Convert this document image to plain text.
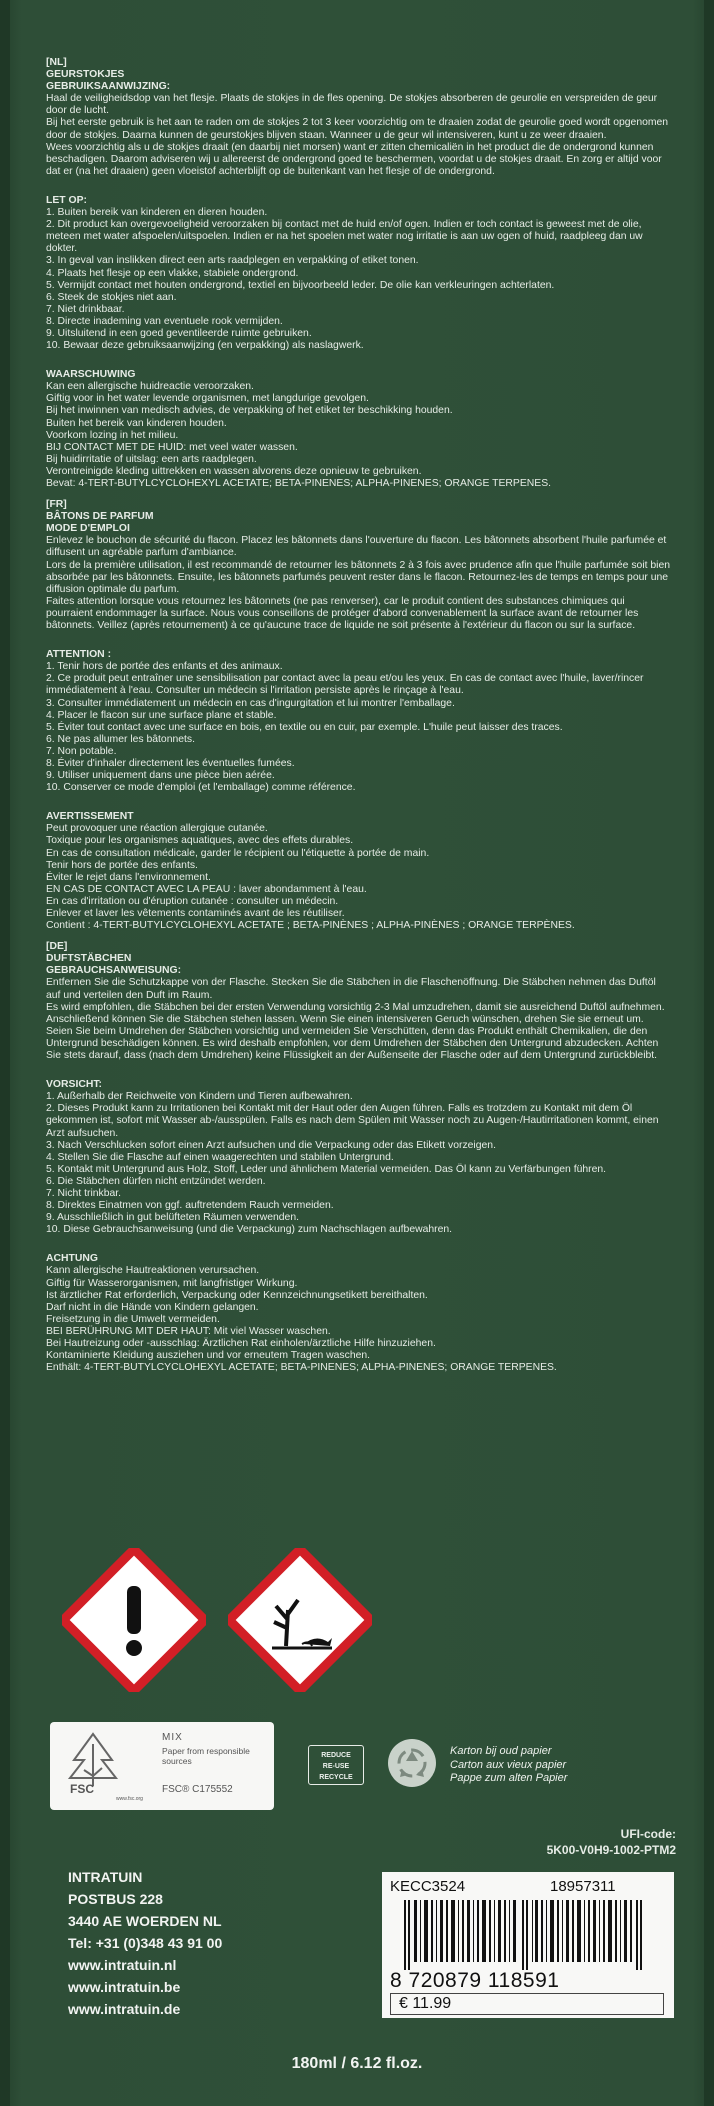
[NL]

GEURSTOKJES

GEBRUIKSAANWIJZING:

Haal de veiligheidsdop van het flesje. Plaats de stokjes in de fles opening. De stokjes absorberen de geurolie en verspreiden de geur door de lucht.

Bij het eerste gebruik is het aan te raden om de stokjes 2 tot 3 keer voorzichtig om te draaien zodat de geurolie goed wordt opgenomen door de stokjes. Daarna kunnen de geurstokjes blijven staan. Wanneer u de geur wil intensiveren, kunt u ze weer draaien.

Wees voorzichtig als u de stokjes draait (en daarbij niet morsen) want er zitten chemicaliën in het product die de ondergrond kunnen beschadigen. Daarom adviseren wij u allereerst de ondergrond goed te beschermen, voordat u de stokjes draait. En zorg er altijd voor dat er (na het draaien) geen vloeistof achterblijft op de buitenkant van het flesje of de ondergrond.

LET OP:

1. Buiten bereik van kinderen en dieren houden.

2. Dit product kan overgevoeligheid veroorzaken bij contact met de huid en/of ogen. Indien er toch contact is geweest met de olie, meteen met water afspoelen/uitspoelen. Indien er na het spoelen met water nog irritatie is aan uw ogen of huid, raadpleeg dan uw dokter.

3. In geval van inslikken direct een arts raadplegen en verpakking of etiket tonen.

4. Plaats het flesje op een vlakke, stabiele ondergrond.

5. Vermijdt contact met houten ondergrond, textiel en bijvoorbeeld leder. De olie kan verkleuringen achterlaten.

6. Steek de stokjes niet aan.

7. Niet drinkbaar.

8. Directe inademing van eventuele rook vermijden.

9. Uitsluitend in een goed geventileerde ruimte gebruiken.

10. Bewaar deze gebruiksaanwijzing (en verpakking) als naslagwerk.

WAARSCHUWING

Kan een allergische huidreactie veroorzaken.

Giftig voor in het water levende organismen, met langdurige gevolgen.

Bij het inwinnen van medisch advies, de verpakking of het etiket ter beschikking houden.

Buiten het bereik van kinderen houden.

Voorkom lozing in het milieu.

BIJ CONTACT MET DE HUID: met veel water wassen.

Bij huidirritatie of uitslag: een arts raadplegen.

Verontreinigde kleding uittrekken en wassen alvorens deze opnieuw te gebruiken.

Bevat: 4-TERT-BUTYLCYCLOHEXYL ACETATE; BETA-PINENES; ALPHA-PINENES; ORANGE TERPENES.

[FR]

BÂTONS DE PARFUM

MODE D'EMPLOI

Enlevez le bouchon de sécurité du flacon. Placez les bâtonnets dans l'ouverture du flacon. Les bâtonnets absorbent l'huile parfumée et diffusent un agréable parfum d'ambiance.

Lors de la première utilisation, il est recommandé de retourner les bâtonnets 2 à 3 fois avec prudence afin que l'huile parfumée soit bien absorbée par les bâtonnets. Ensuite, les bâtonnets parfumés peuvent rester dans le flacon. Retournez-les de temps en temps pour une diffusion optimale du parfum.

Faites attention lorsque vous retournez les bâtonnets (ne pas renverser), car le produit contient des substances chimiques qui pourraient endommager la surface. Nous vous conseillons de protéger d'abord convenablement la surface avant de retourner les bâtonnets. Veillez (après retournement) à ce qu'aucune trace de liquide ne soit présente à l'extérieur du flacon ou sur la surface.

ATTENTION :

1. Tenir hors de portée des enfants et des animaux.

2. Ce produit peut entraîner une sensibilisation par contact avec la peau et/ou les yeux. En cas de contact avec l'huile, laver/rincer immédiatement à l'eau. Consulter un médecin si l'irritation persiste après le rinçage à l'eau.

3. Consulter immédiatement un médecin en cas d'ingurgitation et lui montrer l'emballage.

4. Placer le flacon sur une surface plane et stable.

5. Éviter tout contact avec une surface en bois, en textile ou en cuir, par exemple. L'huile peut laisser des traces.

6. Ne pas allumer les bâtonnets.

7. Non potable.

8. Éviter d'inhaler directement les éventuelles fumées.

9. Utiliser uniquement dans une pièce bien aérée.

10. Conserver ce mode d'emploi (et l'emballage) comme référence.

AVERTISSEMENT

Peut provoquer une réaction allergique cutanée.

Toxique pour les organismes aquatiques, avec des effets durables.

En cas de consultation médicale, garder le récipient ou l'étiquette à portée de main.

Tenir hors de portée des enfants.

Éviter le rejet dans l'environnement.

EN CAS DE CONTACT AVEC LA PEAU : laver abondamment à l'eau.

En cas d'irritation ou d'éruption cutanée : consulter un médecin.

Enlever et laver les vêtements contaminés avant de les réutiliser.

Contient : 4-TERT-BUTYLCYCLOHEXYL ACETATE ; BETA-PINÈNES ; ALPHA-PINÈNES ; ORANGE TERPÈNES.

[DE]

DUFTSTÄBCHEN

GEBRAUCHSANWEISUNG:

Entfernen Sie die Schutzkappe von der Flasche. Stecken Sie die Stäbchen in die Flaschenöffnung. Die Stäbchen nehmen das Duftöl auf und verteilen den Duft im Raum.

Es wird empfohlen, die Stäbchen bei der ersten Verwendung vorsichtig 2-3 Mal umzudrehen, damit sie ausreichend Duftöl aufnehmen. Anschließend können Sie die Stäbchen stehen lassen. Wenn Sie einen intensiveren Geruch wünschen, drehen Sie sie erneut um.

Seien Sie beim Umdrehen der Stäbchen vorsichtig und vermeiden Sie Verschütten, denn das Produkt enthält Chemikalien, die den Untergrund beschädigen können. Es wird deshalb empfohlen, vor dem Umdrehen der Stäbchen den Untergrund abzudecken. Achten Sie stets darauf, dass (nach dem Umdrehen) keine Flüssigkeit an der Außenseite der Flasche oder auf dem Untergrund zurückbleibt.

VORSICHT:

1. Außerhalb der Reichweite von Kindern und Tieren aufbewahren.

2. Dieses Produkt kann zu Irritationen bei Kontakt mit der Haut oder den Augen führen. Falls es trotzdem zu Kontakt mit dem Öl gekommen ist, sofort mit Wasser ab-/ausspülen. Falls es nach dem Spülen mit Wasser noch zu Augen-/Hautirritationen kommt, einen Arzt aufsuchen.

3. Nach Verschlucken sofort einen Arzt aufsuchen und die Verpackung oder das Etikett vorzeigen.

4. Stellen Sie die Flasche auf einen waagerechten und stabilen Untergrund.

5. Kontakt mit Untergrund aus Holz, Stoff, Leder und ähnlichem Material vermeiden. Das Öl kann zu Verfärbungen führen.

6. Die Stäbchen dürfen nicht entzündet werden.

7. Nicht trinkbar.

8. Direktes Einatmen von ggf. auftretendem Rauch vermeiden.

9. Ausschließlich in gut belüfteten Räumen verwenden.

10. Diese Gebrauchsanweisung (und die Verpackung) zum Nachschlagen aufbewahren.

ACHTUNG

Kann allergische Hautreaktionen verursachen.

Giftig für Wasserorganismen, mit langfristiger Wirkung.

Ist ärztlicher Rat erforderlich, Verpackung oder Kennzeichnungsetikett bereithalten.

Darf nicht in die Hände von Kindern gelangen.

Freisetzung in die Umwelt vermeiden.

BEI BERÜHRUNG MIT DER HAUT: Mit viel Wasser waschen.

Bei Hautreizung oder -ausschlag: Ärztlichen Rat einholen/ärztliche Hilfe hinzuziehen.

Kontaminierte Kleidung ausziehen und vor erneutem Tragen waschen.

Enthält: 4-TERT-BUTYLCYCLOHEXYL ACETATE; BETA-PINENES; ALPHA-PINENES; ORANGE TERPENES.

FSC
www.fsc.org
MIX
Paper from responsible sources
FSC® C175552
REDUCE
RE-USE
RECYCLE
Karton bij oud papier
Carton aux vieux papier
Pappe zum alten Papier
UFI-code:
5K00-V0H9-1002-PTM2
INTRATUIN
POSTBUS 228
3440 AE WOERDEN NL
Tel: +31 (0)348 43 91 00
www.intratuin.nl
www.intratuin.be
www.intratuin.de
KECC3524	18957311
8 720879 118591
€ 11.99
180ml / 6.12 fl.oz.
